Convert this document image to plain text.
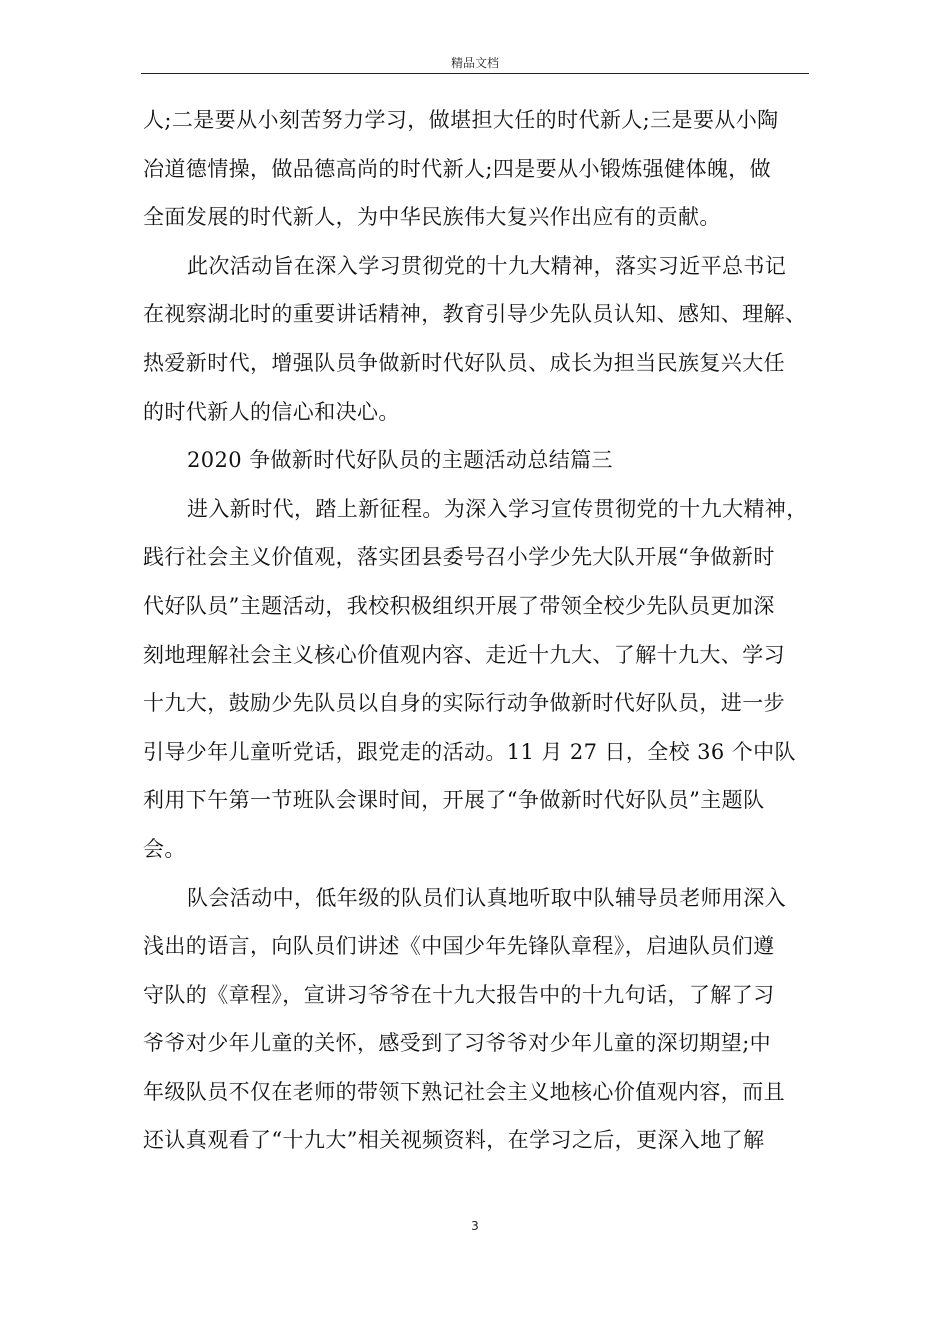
精品文档
人;二是要从小刻苦努力学习，做堪担大任的时代新人;三是要从小陶
冶道德情操，做品德高尚的时代新人;四是要从小锻炼强健体魄，做
全面发展的时代新人，为中华民族伟大复兴作出应有的贡献。
此次活动旨在深入学习贯彻党的十九大精神，落实习近平总书记
在视察湖北时的重要讲话精神，教育引导少先队员认知、感知、理解、
热爱新时代，增强队员争做新时代好队员、成长为担当民族复兴大任
的时代新人的信心和决心。
2020 争做新时代好队员的主题活动总结篇三
进入新时代，踏上新征程。为深入学习宣传贯彻党的十九大精神，
践行社会主义价值观，落实团县委号召小学少先大队开展“争做新时
代好队员”主题活动，我校积极组织开展了带领全校少先队员更加深
刻地理解社会主义核心价值观内容、走近十九大、了解十九大、学习
十九大，鼓励少先队员以自身的实际行动争做新时代好队员，进一步
引导少年儿童听党话，跟党走的活动。11 月 27 日，全校 36 个中队
利用下午第一节班队会课时间，开展了“争做新时代好队员”主题队
会。
队会活动中，低年级的队员们认真地听取中队辅导员老师用深入
浅出的语言，向队员们讲述《中国少年先锋队章程》，启迪队员们遵
守队的《章程》，宣讲习爷爷在十九大报告中的十九句话，了解了习
爷爷对少年儿童的关怀，感受到了习爷爷对少年儿童的深切期望;中
年级队员不仅在老师的带领下熟记社会主义地核心价值观内容，而且
还认真观看了“十九大”相关视频资料，在学习之后，更深入地了解
3
